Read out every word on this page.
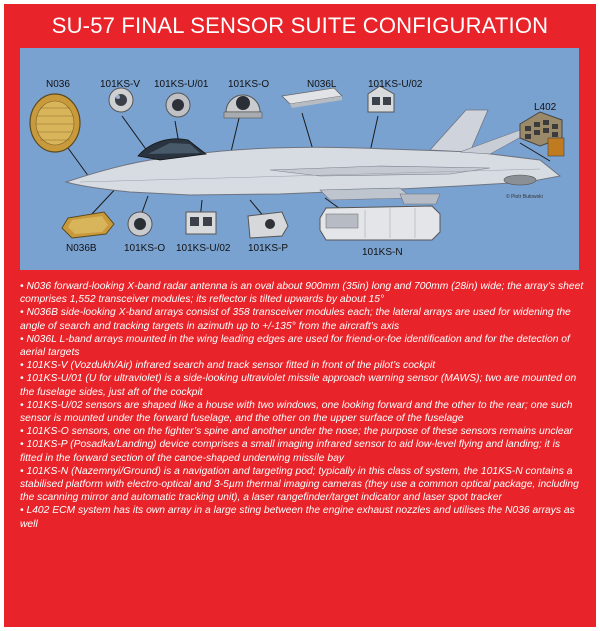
SU-57 FINAL SENSOR SUITE CONFIGURATION
N036	101KS-V 101KS-U/01 101KS-O	N036L	101KS-U/02
L402
N036B	101KS-O 101KS-U/02 101KS-P	101KS-N
© Piotr Butowski

• N036 forward-looking X-band radar antenna is an oval about 900mm (35in) long and 700mm (28in) wide; the array’s sheet comprises 1,552 transceiver modules; its reflector is tilted upwards by about 15°

• N036B side-looking X-band arrays consist of 358 transceiver modules each; the lateral arrays are used for widening the angle of search and tracking targets in azimuth up to +/-135° from the aircraft’s axis

• N036L L-band arrays mounted in the wing leading edges are used for friend-or-foe identification and for the detection of aerial targets

• 101KS-V (Vozdukh/Air) infrared search and track sensor fitted in front of the pilot’s cockpit

• 101KS-U/01 (U for ultraviolet) is a side-looking ultraviolet missile approach warning sensor (MAWS); two are mounted on the fuselage sides, just aft of the cockpit

• 101KS-U/02 sensors are shaped like a house with two windows, one looking forward and the other to the rear; one such sensor is mounted under the forward fuselage, and the other on the upper surface of the fuselage

• 101KS-O sensors, one on the fighter’s spine and another under the nose; the purpose of these sensors remains unclear

• 101KS-P (Posadka/Landing) device comprises a small imaging infrared sensor to aid low-level flying and landing; it is fitted in the forward section of the canoe-shaped underwing missile bay

• 101KS-N (Nazemnyi/Ground) is a navigation and targeting pod; typically in this class of system, the 101KS-N contains a stabilised platform with electro-optical and 3-5µm thermal imaging cameras (they use a common optical package, including the scanning mirror and automatic tracking unit), a laser rangefinder/target indicator and laser spot tracker

• L402 ECM system has its own array in a large sting between the engine exhaust nozzles and utilises the N036 arrays as well
